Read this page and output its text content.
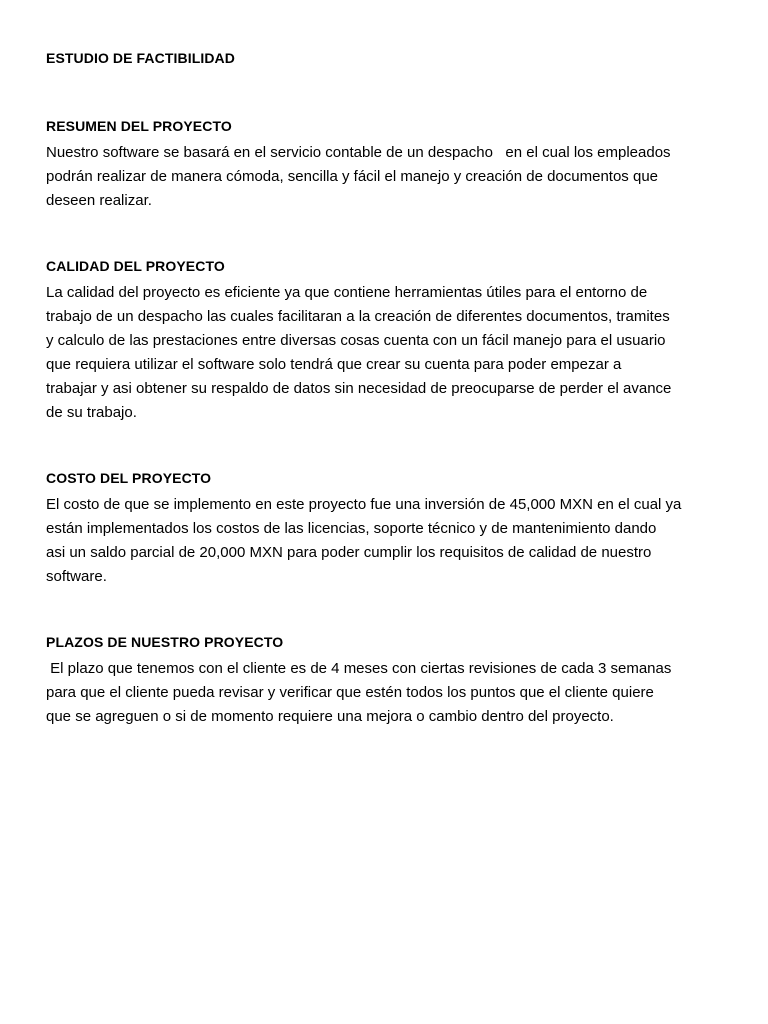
ESTUDIO DE FACTIBILIDAD
RESUMEN DEL PROYECTO

Nuestro software se basará en el servicio contable de un despacho   en el cual los empleados
podrán realizar de manera cómoda, sencilla y fácil el manejo y creación de documentos que
deseen realizar.

CALIDAD DEL PROYECTO

La calidad del proyecto es eficiente ya que contiene herramientas útiles para el entorno de
trabajo de un despacho las cuales facilitaran a la creación de diferentes documentos, tramites
y calculo de las prestaciones entre diversas cosas cuenta con un fácil manejo para el usuario
que requiera utilizar el software solo tendrá que crear su cuenta para poder empezar a
trabajar y asi obtener su respaldo de datos sin necesidad de preocuparse de perder el avance
de su trabajo.

COSTO DEL PROYECTO

El costo de que se implemento en este proyecto fue una inversión de 45,000 MXN en el cual ya
están implementados los costos de las licencias, soporte técnico y de mantenimiento dando
asi un saldo parcial de 20,000 MXN para poder cumplir los requisitos de calidad de nuestro
software.

PLAZOS DE NUESTRO PROYECTO

El plazo que tenemos con el cliente es de 4 meses con ciertas revisiones de cada 3 semanas
para que el cliente pueda revisar y verificar que estén todos los puntos que el cliente quiere
que se agreguen o si de momento requiere una mejora o cambio dentro del proyecto.
